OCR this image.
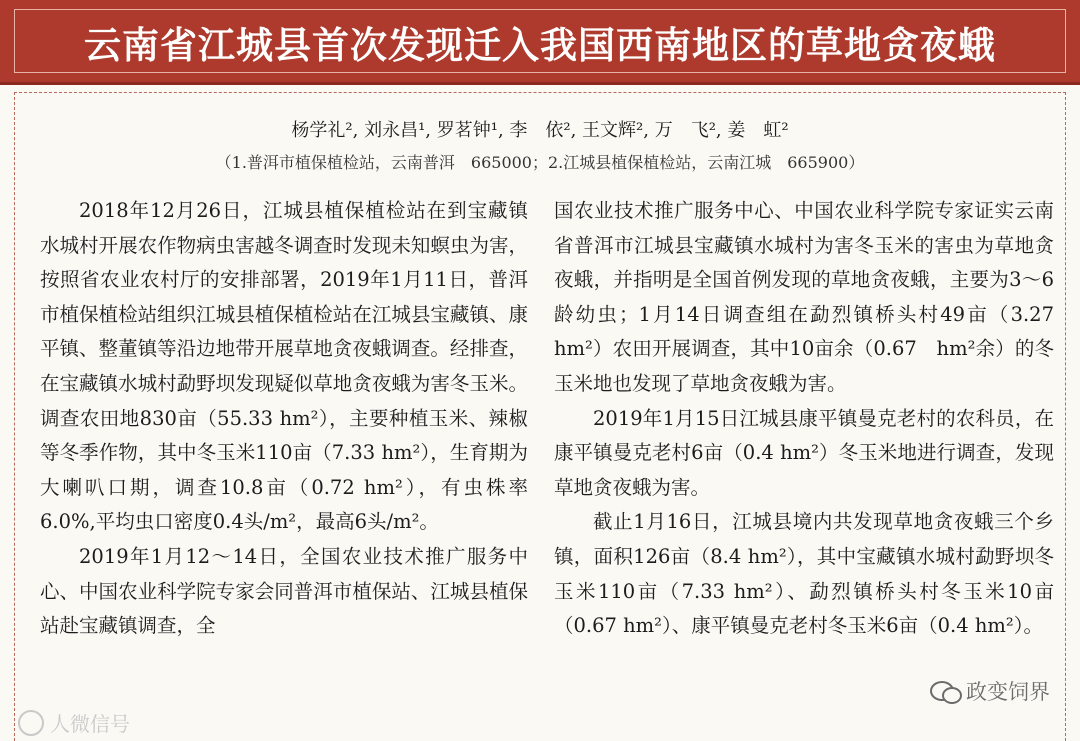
云南省江城县首次发现迁入我国西南地区的草地贪夜蛾
杨学礼², 刘永昌¹, 罗茗钟¹, 李　依², 王文辉², 万　飞², 姜　虹²
（1.普洱市植保植检站，云南普洱　665000；2.江城县植保植检站，云南江城　665900）

2018年12月26日，江城县植保植检站在到宝藏镇水城村开展农作物病虫害越冬调查时发现未知螟虫为害，按照省农业农村厅的安排部署，2019年1月11日，普洱市植保植检站组织江城县植保植检站在江城县宝藏镇、康平镇、整董镇等沿边地带开展草地贪夜蛾调查。经排查，在宝藏镇水城村勐野坝发现疑似草地贪夜蛾为害冬玉米。调查农田地830亩（55.33 hm²），主要种植玉米、辣椒等冬季作物，其中冬玉米110亩（7.33 hm²），生育期为大喇叭口期，调查10.8亩（0.72 hm²），有虫株率6.0%,平均虫口密度0.4头/m²，最高6头/m²。

2019年1月12～14日，全国农业技术推广服务中心、中国农业科学院专家会同普洱市植保站、江城县植保站赴宝藏镇调查，全

国农业技术推广服务中心、中国农业科学院专家证实云南省普洱市江城县宝藏镇水城村为害冬玉米的害虫为草地贪夜蛾，并指明是全国首例发现的草地贪夜蛾，主要为3～6龄幼虫；1月14日调查组在勐烈镇桥头村49亩（3.27　hm²）农田开展调查，其中10亩余（0.67　hm²余）的冬玉米地也发现了草地贪夜蛾为害。

2019年1月15日江城县康平镇曼克老村的农科员，在康平镇曼克老村6亩（0.4 hm²）冬玉米地进行调查，发现草地贪夜蛾为害。

截止1月16日，江城县境内共发现草地贪夜蛾三个乡镇，面积126亩（8.4 hm²），其中宝藏镇水城村勐野坝冬玉米110亩（7.33 hm²）、勐烈镇桥头村冬玉米10亩（0.67 hm²）、康平镇曼克老村冬玉米6亩（0.4 hm²）。

政变饲界
人微信号
